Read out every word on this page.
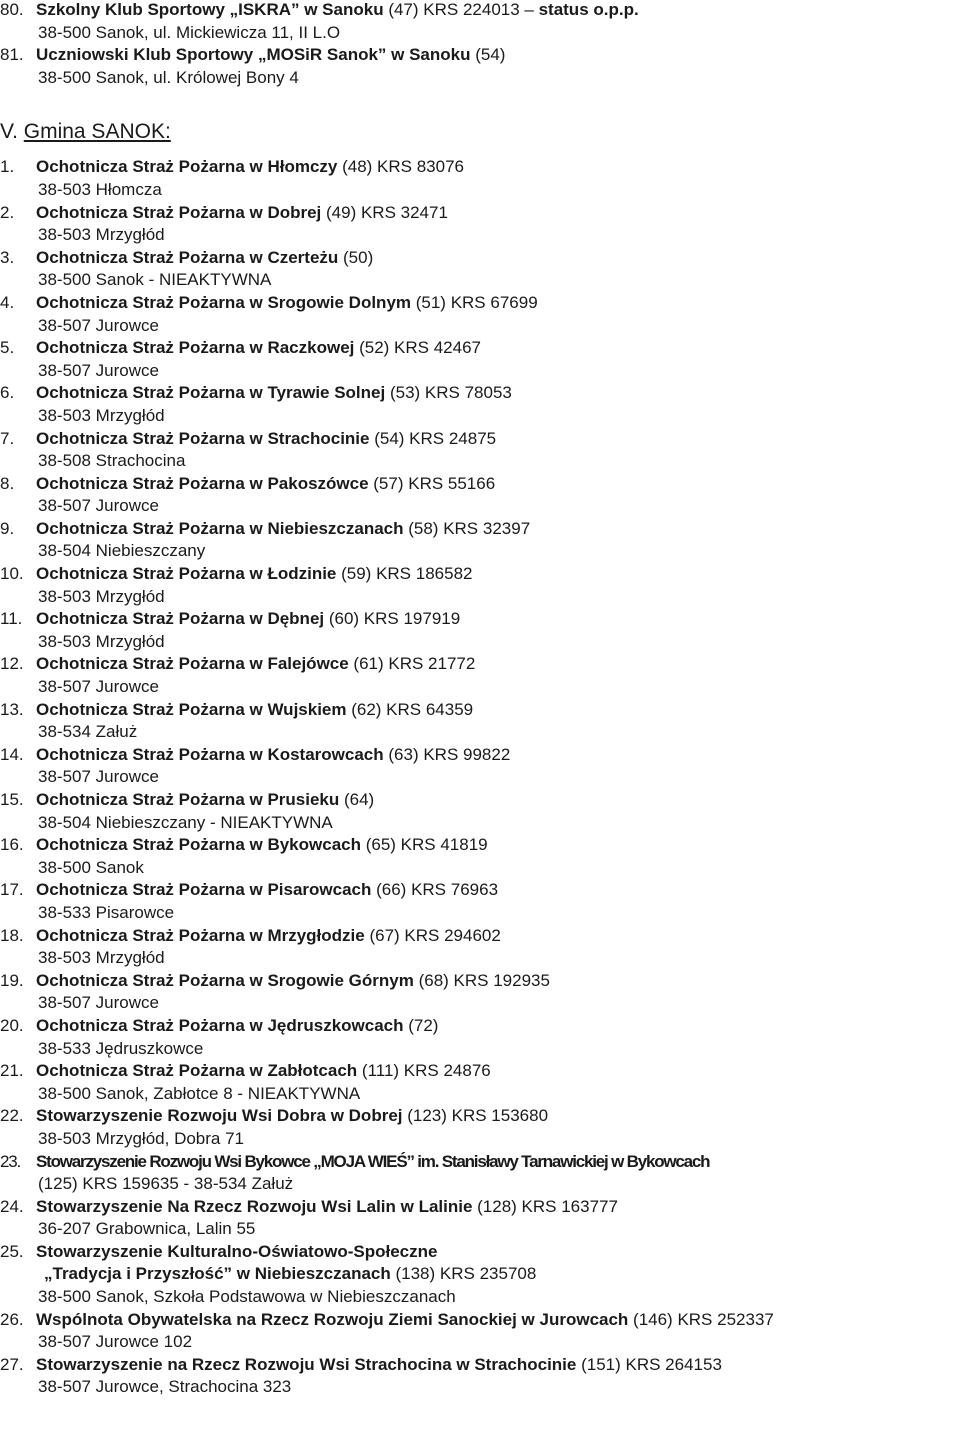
80. Szkolny Klub Sportowy „ISKRA” w Sanoku (47) KRS 224013 – status o.p.p.
38-500 Sanok, ul. Mickiewicza 11, II L.O
81. Uczniowski Klub Sportowy „MOSiR Sanok” w Sanoku (54)
38-500 Sanok, ul. Królowej Bony 4
V. Gmina SANOK:
1. Ochotnicza Straż Pożarna w Hłomczy (48) KRS 83076
38-503 Hłomcza
2. Ochotnicza Straż Pożarna w Dobrej (49) KRS 32471
38-503 Mrzygłód
3. Ochotnicza Straż Pożarna w Czerteżu (50)
38-500 Sanok - NIEAKTYWNA
4. Ochotnicza Straż Pożarna w Srogowie Dolnym (51) KRS 67699
38-507 Jurowce
5. Ochotnicza Straż Pożarna w Raczkowej (52) KRS 42467
38-507 Jurowce
6. Ochotnicza Straż Pożarna w Tyrawie Solnej (53) KRS 78053
38-503 Mrzygłód
7. Ochotnicza Straż Pożarna w Strachocinie (54) KRS 24875
38-508 Strachocina
8. Ochotnicza Straż Pożarna w Pakoszówce (57) KRS 55166
38-507 Jurowce
9. Ochotnicza Straż Pożarna w Niebieszczanach (58) KRS 32397
38-504 Niebieszczany
10. Ochotnicza Straż Pożarna w Łodzinie (59) KRS 186582
38-503 Mrzygłód
11. Ochotnicza Straż Pożarna w Dębnej (60) KRS 197919
38-503 Mrzygłód
12. Ochotnicza Straż Pożarna w Falejówce (61) KRS 21772
38-507 Jurowce
13. Ochotnicza Straż Pożarna w Wujskiem (62) KRS 64359
38-534 Załuż
14. Ochotnicza Straż Pożarna w Kostarowcach (63) KRS 99822
38-507 Jurowce
15. Ochotnicza Straż Pożarna w Prusieku (64)
38-504 Niebieszczany - NIEAKTYWNA
16. Ochotnicza Straż Pożarna w Bykowcach (65) KRS 41819
38-500 Sanok
17. Ochotnicza Straż Pożarna w Pisarowcach (66) KRS 76963
38-533 Pisarowce
18. Ochotnicza Straż Pożarna w Mrzygłodzie (67) KRS 294602
38-503 Mrzygłód
19. Ochotnicza Straż Pożarna w Srogowie Górnym (68) KRS 192935
38-507 Jurowce
20. Ochotnicza Straż Pożarna w Jędruszkowcach (72)
38-533 Jędruszkowce
21. Ochotnicza Straż Pożarna w Zabłotcach (111) KRS 24876
38-500 Sanok, Zabłotce 8 - NIEAKTYWNA
22. Stowarzyszenie Rozwoju Wsi Dobra w Dobrej (123) KRS 153680
38-503 Mrzygłód, Dobra 71
23. Stowarzyszenie Rozwoju Wsi Bykowce „MOJA WIEŚ” im. Stanisławy Tarnawickiej w Bykowcach
(125) KRS 159635 - 38-534 Załuż
24. Stowarzyszenie Na Rzecz Rozwoju Wsi Lalin w Lalinie (128) KRS 163777
36-207 Grabownica, Lalin 55
25. Stowarzyszenie Kulturalno-Oświatowo-Społeczne
„Tradycja i Przyszłość” w Niebieszczanach (138) KRS 235708
38-500 Sanok, Szkoła Podstawowa w Niebieszczanach
26. Wspólnota Obywatelska na Rzecz Rozwoju Ziemi Sanockiej w Jurowcach (146) KRS 252337
38-507 Jurowce 102
27. Stowarzyszenie na Rzecz Rozwoju Wsi Strachocina w Strachocinie (151) KRS 264153
38-507 Jurowce, Strachocina 323
